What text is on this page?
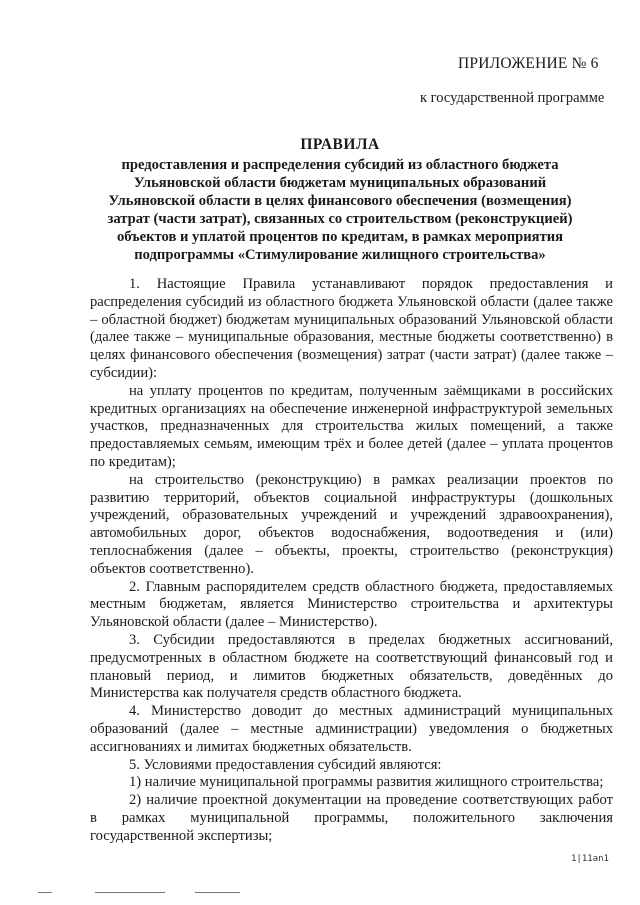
ПРИЛОЖЕНИЕ № 6
к государственной программе
ПРАВИЛА
предоставления и распределения субсидий из областного бюджета
Ульяновской области бюджетам муниципальных образований
Ульяновской области в целях финансового обеспечения (возмещения)
затрат (части затрат), связанных со строительством (реконструкцией)
объектов и уплатой процентов по кредитам, в рамках мероприятия
подпрограммы «Стимулирование жилищного строительства»

1. Настоящие Правила устанавливают порядок предоставления и распределения субсидий из областного бюджета Ульяновской области (далее также – областной бюджет) бюджетам муниципальных образований Ульяновской области (далее также – муниципальные образования, местные бюджеты соответственно) в целях финансового обеспечения (возмещения) затрат (части затрат) (далее также – субсидии):

на уплату процентов по кредитам, полученным заёмщиками в российских кредитных организациях на обеспечение инженерной инфраструктурой земельных участков, предназначенных для строительства жилых помещений, а также предоставляемых семьям, имеющим трёх и более детей (далее – уплата процентов по кредитам);

на строительство (реконструкцию) в рамках реализации проектов по развитию территорий, объектов социальной инфраструктуры (дошкольных учреждений, образовательных учреждений и учреждений здравоохранения), автомобильных дорог, объектов водоснабжения, водоотведения и (или) теплоснабжения (далее – объекты, проекты, строительство (реконструкция) объектов соответственно).

2. Главным распорядителем средств областного бюджета, предоставляемых местным бюджетам, является Министерство строительства и архитектуры Ульяновской области (далее – Министерство).

3. Субсидии предоставляются в пределах бюджетных ассигнований, предусмотренных в областном бюджете на соответствующий финансовый год и плановый период, и лимитов бюджетных обязательств, доведённых до Министерства как получателя средств областного бюджета.

4. Министерство доводит до местных администраций муниципальных образований (далее – местные администрации) уведомления о бюджетных ассигнованиях и лимитах бюджетных обязательств.

5. Условиями предоставления субсидий являются:

1) наличие муниципальной программы развития жилищного строительства;

2) наличие проектной документации на проведение соответствующих работ в рамках муниципальной программы, положительного заключения государственной экспертизы;

1|11an1
